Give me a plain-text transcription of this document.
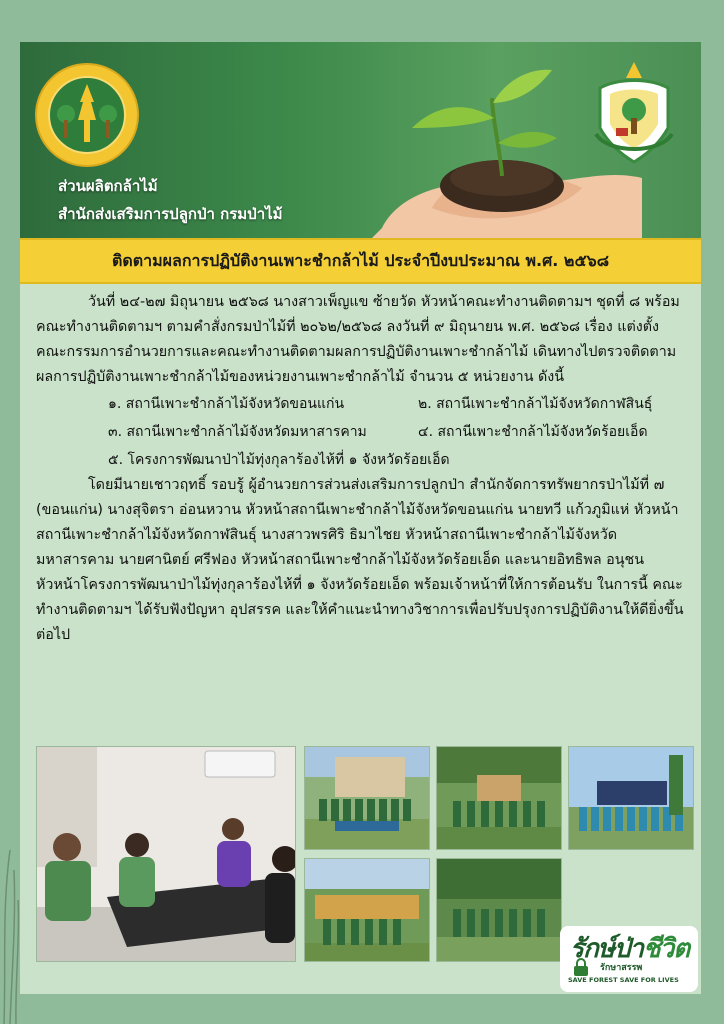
ส่วนผลิตกล้าไม้
สำนักส่งเสริมการปลูกป่า กรมป่าไม้
ติดตามผลการปฏิบัติงานเพาะชำกล้าไม้ ประจำปีงบประมาณ พ.ศ. ๒๕๖๘

วันที่ ๒๔-๒๗ มิถุนายน ๒๕๖๘ นางสาวเพ็ญแข ซ้ายวัด หัวหน้าคณะทำงานติดตามฯ ชุดที่ ๘ พร้อมคณะทำงานติดตามฯ ตามคำสั่งกรมป่าไม้ที่ ๒๐๖๒/๒๕๖๘ ลงวันที่ ๙ มิถุนายน พ.ศ. ๒๕๖๘ เรื่อง แต่งตั้งคณะกรรมการอำนวยการและคณะทำงานติดตามผลการปฏิบัติงานเพาะชำกล้าไม้ เดินทางไปตรวจติดตามผลการปฏิบัติงานเพาะชำกล้าไม้ของหน่วยงานเพาะชำกล้าไม้ จำนวน ๕ หน่วยงาน ดังนี้

๑. สถานีเพาะชำกล้าไม้จังหวัดขอนแก่น	๒. สถานีเพาะชำกล้าไม้จังหวัดกาฬสินธุ์
๓. สถานีเพาะชำกล้าไม้จังหวัดมหาสารคาม	๔. สถานีเพาะชำกล้าไม้จังหวัดร้อยเอ็ด
๕. โครงการพัฒนาป่าไม้ทุ่งกุลาร้องไห้ที่ ๑ จังหวัดร้อยเอ็ด

โดยมีนายเชาวฤทธิ์ รอบรู้ ผู้อำนวยการส่วนส่งเสริมการปลูกป่า สำนักจัดการทรัพยากรป่าไม้ที่ ๗ (ขอนแก่น) นางสุจิตรา อ่อนหวาน หัวหน้าสถานีเพาะชำกล้าไม้จังหวัดขอนแก่น นายทวี แก้วภูมิแห่ หัวหน้าสถานีเพาะชำกล้าไม้จังหวัดกาฬสินธุ์ นางสาวพรศิริ ธิมาไชย หัวหน้าสถานีเพาะชำกล้าไม้จังหวัดมหาสารคาม นายศานิตย์ ศรีฟอง หัวหน้าสถานีเพาะชำกล้าไม้จังหวัดร้อยเอ็ด และนายอิทธิพล อนุชน หัวหน้าโครงการพัฒนาป่าไม้ทุ่งกุลาร้องไห้ที่ ๑ จังหวัดร้อยเอ็ด พร้อมเจ้าหน้าที่ให้การต้อนรับ ในการนี้ คณะทำงานติดตามฯ ได้รับฟังปัญหา อุปสรรค และให้คำแนะนำทางวิชาการเพื่อปรับปรุงการปฏิบัติงานให้ดียิ่งขึ้นต่อไป

รักษ์ป่าชีวิต
รักษาสรรพ
SAVE FOREST SAVE FOR LIVES
